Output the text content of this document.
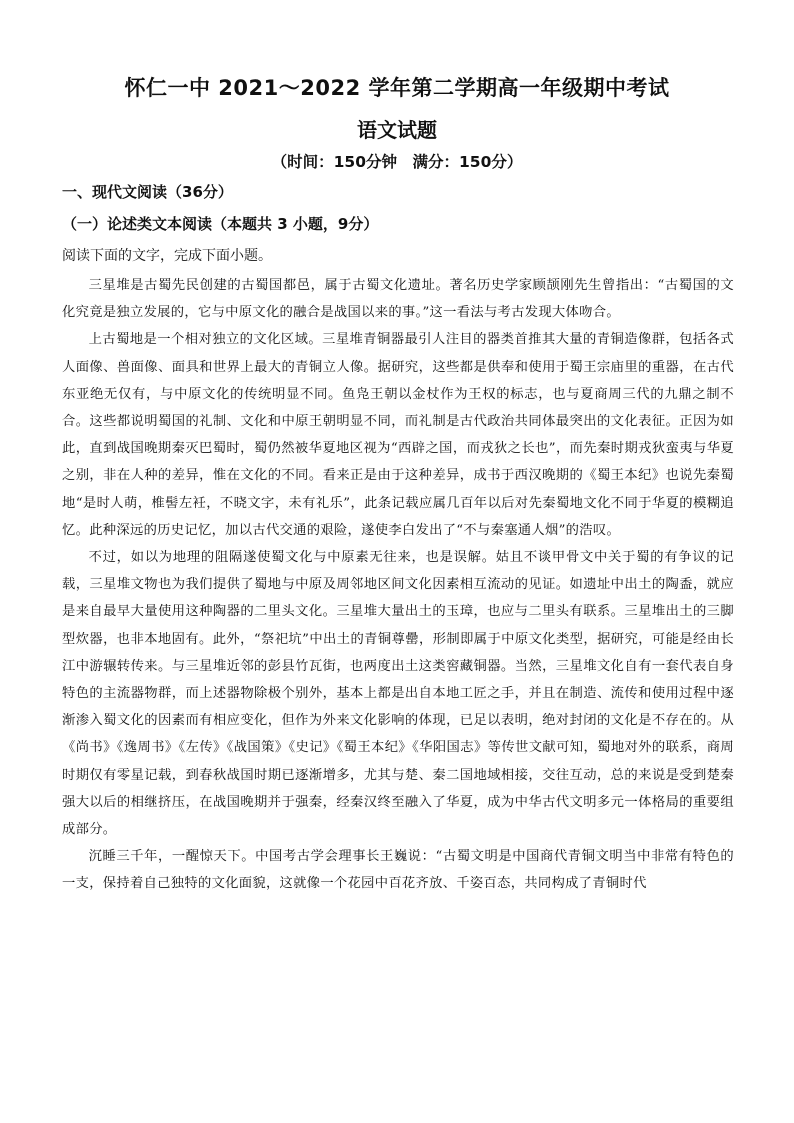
怀仁一中 2021～2022 学年第二学期高一年级期中考试
语文试题
（时间：150分钟　满分：150分）
一、现代文阅读（36分）
（一）论述类文本阅读（本题共 3 小题，9分）
阅读下面的文字，完成下面小题。

三星堆是古蜀先民创建的古蜀国都邑，属于古蜀文化遗址。著名历史学家顾颉刚先生曾指出：“古蜀国的文化究竟是独立发展的，它与中原文化的融合是战国以来的事。”这一看法与考古发现大体吻合。

上古蜀地是一个相对独立的文化区域。三星堆青铜器最引人注目的器类首推其大量的青铜造像群，包括各式人面像、兽面像、面具和世界上最大的青铜立人像。据研究，这些都是供奉和使用于蜀王宗庙里的重器，在古代东亚绝无仅有，与中原文化的传统明显不同。鱼凫王朝以金杖作为王权的标志，也与夏商周三代的九鼎之制不合。这些都说明蜀国的礼制、文化和中原王朝明显不同，而礼制是古代政治共同体最突出的文化表征。正因为如此，直到战国晚期秦灭巴蜀时，蜀仍然被华夏地区视为“西辟之国，而戎狄之长也”，而先秦时期戎狄蛮夷与华夏之别，非在人种的差异，惟在文化的不同。看来正是由于这种差异，成书于西汉晚期的《蜀王本纪》也说先秦蜀地“是时人萌，椎髻左衽，不晓文字，未有礼乐”，此条记载应属几百年以后对先秦蜀地文化不同于华夏的模糊追忆。此种深远的历史记忆，加以古代交通的艰险，遂使李白发出了“不与秦塞通人烟”的浩叹。

不过，如以为地理的阻隔遂使蜀文化与中原素无往来，也是误解。姑且不谈甲骨文中关于蜀的有争议的记载，三星堆文物也为我们提供了蜀地与中原及周邻地区间文化因素相互流动的见证。如遗址中出土的陶盉，就应是来自最早大量使用这种陶器的二里头文化。三星堆大量出土的玉璋，也应与二里头有联系。三星堆出土的三脚型炊器，也非本地固有。此外，“祭祀坑”中出土的青铜尊罍，形制即属于中原文化类型，据研究，可能是经由长江中游辗转传来。与三星堆近邻的彭县竹瓦街，也两度出土这类窖藏铜器。当然，三星堆文化自有一套代表自身特色的主流器物群，而上述器物除极个别外，基本上都是出自本地工匠之手，并且在制造、流传和使用过程中逐渐渗入蜀文化的因素而有相应变化，但作为外来文化影响的体现，已足以表明，绝对封闭的文化是不存在的。从《尚书》《逸周书》《左传》《战国策》《史记》《蜀王本纪》《华阳国志》等传世文献可知，蜀地对外的联系，商周时期仅有零星记载，到春秋战国时期已逐渐增多，尤其与楚、秦二国地域相接，交往互动，总的来说是受到楚秦强大以后的相继挤压，在战国晚期并于强秦，经秦汉终至融入了华夏，成为中华古代文明多元一体格局的重要组成部分。

沉睡三千年，一醒惊天下。中国考古学会理事长王巍说：“古蜀文明是中国商代青铜文明当中非常有特色的一支，保持着自己独特的文化面貌，这就像一个花园中百花齐放、千姿百态，共同构成了青铜时代
